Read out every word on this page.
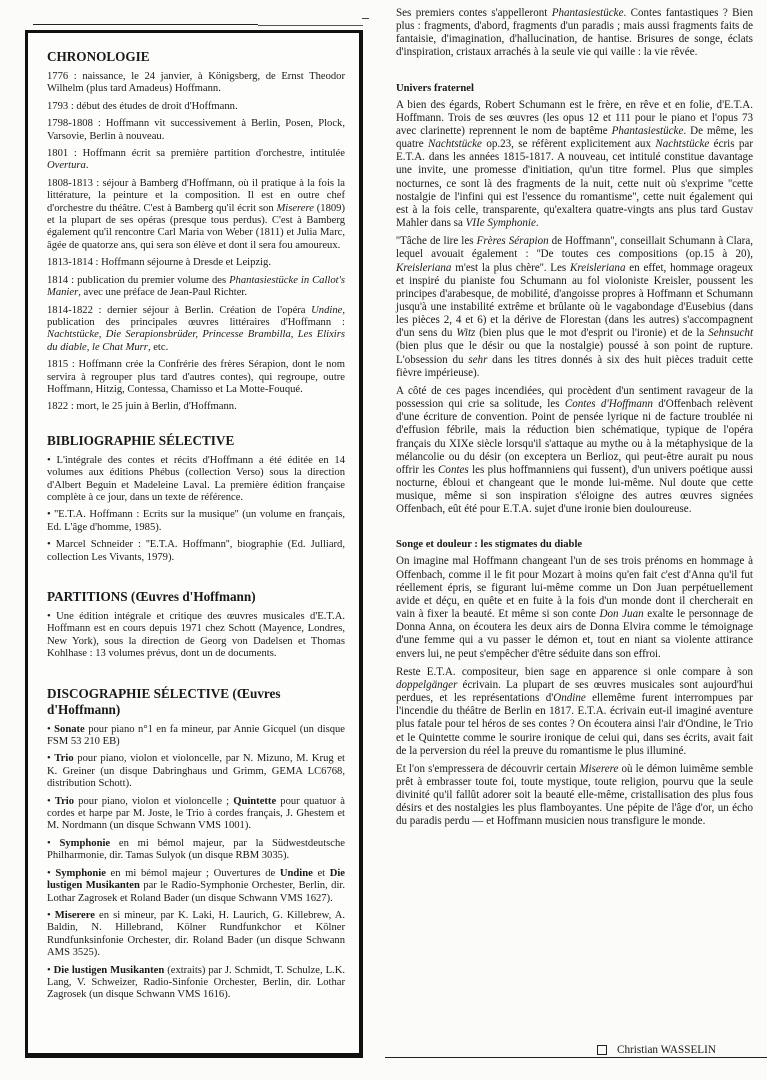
CHRONOLOGIE

1776 : naissance, le 24 janvier, à Königsberg, de Ernst Theodor Wilhelm (plus tard Amadeus) Hoffmann.

1793 : début des études de droit d'Hoffmann.

1798-1808 : Hoffmann vit successivement à Berlin, Posen, Plock, Varsovie, Berlin à nouveau.

1801 : Hoffmann écrit sa première partition d'orchestre, intitulée Overtura.

1808-1813 : séjour à Bamberg d'Hoffmann, où il pratique à la fois la littérature, la peinture et la composition. Il est en outre chef d'orchestre du théâtre. C'est à Bamberg qu'il écrit son Miserere (1809) et la plupart de ses opéras (presque tous perdus). C'est à Bamberg également qu'il rencontre Carl Maria von Weber (1811) et Julia Marc, âgée de quatorze ans, qui sera son élève et dont il sera fou amoureux.

1813-1814 : Hoffmann séjourne à Dresde et Leipzig.

1814 : publication du premier volume des Phantasiestücke in Callot's Manier, avec une préface de Jean-Paul Richter.

1814-1822 : dernier séjour à Berlin. Création de l'opéra Undine, publication des principales œuvres littéraires d'Hoffmann : Nachtstücke, Die Serapionsbrüder, Princesse Brambilla, Les Elixirs du diable, le Chat Murr, etc.

1815 : Hoffmann crée la Confrérie des frères Sérapion, dont le nom servira à regrouper plus tard d'autres contes), qui regroupe, outre Hoffmann, Hitzig, Contessa, Chamisso et La Motte-Fouqué.

1822 : mort, le 25 juin à Berlin, d'Hoffmann.

BIBLIOGRAPHIE SÉLECTIVE

• L'intégrale des contes et récits d'Hoffmann a été éditée en 14 volumes aux éditions Phébus (collection Verso) sous la direction d'Albert Beguin et Madeleine Laval. La première édition française complète à ce jour, dans un texte de référence.

• ''E.T.A. Hoffmann : Ecrits sur la musique'' (un volume en français, Ed. L'âge d'homme, 1985).

• Marcel Schneider : ''E.T.A. Hoffmann'', biographie (Ed. Julliard, collection Les Vivants, 1979).

PARTITIONS (Œuvres d'Hoffmann)

• Une édition intégrale et critique des œuvres musicales d'E.T.A. Hoffmann est en cours depuis 1971 chez Schott (Mayence, Londres, New York), sous la direction de Georg von Dadelsen et Thomas Kohlhase : 13 volumes prévus, dont un de documents.

DISCOGRAPHIE SÉLECTIVE (Œuvres d'Hoffmann)

• Sonate pour piano n°1 en fa mineur, par Annie Gicquel (un disque FSM 53 210 EB)

• Trio pour piano, violon et violoncelle, par N. Mizuno, M. Krug et K. Greiner (un disque Dabringhaus und Grimm, GEMA LC6768, distribution Schott).

• Trio pour piano, violon et violoncelle ; Quintette pour quatuor à cordes et harpe par M. Joste, le Trio à cordes français, J. Ghestem et M. Nordmann (un disque Schwann VMS 1001).

• Symphonie en mi bémol majeur, par la Südwestdeutsche Philharmonie, dir. Tamas Sulyok (un disque RBM 3035).

• Symphonie en mi bémol majeur ; Ouvertures de Undine et Die lustigen Musikanten par le Radio-Symphonie Orchester, Berlin, dir. Lothar Zagrosek et Roland Bader (un disque Schwann VMS 1627).

• Miserere en si mineur, par K. Laki, H. Laurich, G. Killebrew, A. Baldin, N. Hillebrand, Kölner Rundfunkchor et Kölner Rundfunksinfonie Orchester, dir. Roland Bader (un disque Schwann AMS 3525).

• Die lustigen Musikanten (extraits) par J. Schmidt, T. Schulze, L.K. Lang, V. Schweizer, Radio-Sinfonie Orchester, Berlin, dir. Lothar Zagrosek (un disque Schwann VMS 1616).

Ses premiers contes s'appelleront Phantasiestücke. Contes fantastiques ? Bien plus : fragments, d'abord, fragments d'un paradis ; mais aussi fragments faits de fantaisie, d'imagination, d'hallucination, de hantise. Brisures de songe, éclats d'inspiration, cristaux arrachés à la seule vie qui vaille : la vie rêvée.

Univers fraternel

A bien des égards, Robert Schumann est le frère, en rêve et en folie, d'E.T.A. Hoffmann. Trois de ses œuvres (les opus 12 et 111 pour le piano et l'opus 73 avec clarinette) reprennent le nom de baptême Phantasiestücke. De même, les quatre Nachtstücke op.23, se réfèrent explicitement aux Nachtstücke écris par E.T.A. dans les années 1815-1817. A nouveau, cet intitulé constitue davantage une invite, une promesse d'initiation, qu'un titre formel. Plus que simples nocturnes, ce sont là des fragments de la nuit, cette nuit où s'exprime ''cette nostalgie de l'infini qui est l'essence du romantisme'', cette nuit également qui est à la fois celle, transparente, qu'exaltera quatre-vingts ans plus tard Gustav Mahler dans sa VIIe Symphonie.

''Tâche de lire les Frères Sérapion de Hoffmann'', conseillait Schumann à Clara, lequel avouait également : ''De toutes ces compositions (op.15 à 20), Kreisleriana m'est la plus chère''. Les Kreisleriana en effet, hommage orageux et inspiré du pianiste fou Schumann au fol violoniste Kreisler, poussent les principes d'arabesque, de mobilité, d'angoisse propres à Hoffmann et Schumann jusqu'à une instabilité extrême et brûlante où le vagabondage d'Eusebius (dans les pièces 2, 4 et 6) et la dérive de Florestan (dans les autres) s'accompagnent d'un sens du Witz (bien plus que le mot d'esprit ou l'ironie) et de la Sehnsucht (bien plus que le désir ou que la nostalgie) poussé à son point de rupture. L'obsession du sehr dans les titres donnés à six des huit pièces traduit cette fièvre impérieuse).

A côté de ces pages incendiées, qui procèdent d'un sentiment ravageur de la possession qui crie sa solitude, les Contes d'Hoffmann d'Offenbach relèvent d'une écriture de convention. Point de pensée lyrique ni de facture troublée ni d'effusion fébrile, mais la réduction bien schématique, typique de l'opéra français du XIXe siècle lorsqu'il s'attaque au mythe ou à la métaphysique de la mélancolie ou du désir (on exceptera un Berlioz, qui peut-être aurait pu nous offrir les Contes les plus hoffmanniens qui fussent), d'un univers poétique aussi nocturne, ébloui et changeant que le monde lui-même. Nul doute que cette musique, même si son inspiration s'éloigne des autres œuvres signées Offenbach, eût été pour E.T.A. sujet d'une ironie bien douloureuse.

Songe et douleur : les stigmates du diable

On imagine mal Hoffmann changeant l'un de ses trois prénoms en hommage à Offenbach, comme il le fit pour Mozart à moins qu'en fait c'est d'Anna qu'il fut réellement épris, se figurant lui-même comme un Don Juan perpétuellement avide et déçu, en quête et en fuite à la fois d'un monde dont il chercherait en vain à fixer la beauté. Et même si son conte Don Juan exalte le personnage de Donna Anna, on écoutera les deux airs de Donna Elvira comme le témoignage d'une femme qui a vu passer le démon et, tout en niant sa violente attirance envers lui, ne peut s'empêcher d'être séduite dans son effroi.

Reste E.T.A. compositeur, bien sage en apparence si onle compare à son doppelgänger écrivain. La plupart de ses œuvres musicales sont aujourd'hui perdues, et les représentations d'Ondine ellemême furent interrompues par l'incendie du théâtre de Berlin en 1817. E.T.A. écrivain eut-il imaginé aventure plus fatale pour tel héros de ses contes ? On écoutera ainsi l'air d'Ondine, le Trio et le Quintette comme le sourire ironique de celui qui, dans ses écrits, avait fait de la perversion du réel la preuve du romantisme le plus illuminé.

Et l'on s'empressera de découvrir certain Miserere où le démon luimême semble prêt à embrasser toute foi, toute mystique, toute religion, pourvu que la seule divinité qu'il fallût adorer soit la beauté elle-même, cristallisation des plus fous désirs et des nostalgies les plus flamboyantes. Une pépite de l'âge d'or, un écho du paradis perdu — et Hoffmann musicien nous transfigure le monde.

Christian WASSELIN
